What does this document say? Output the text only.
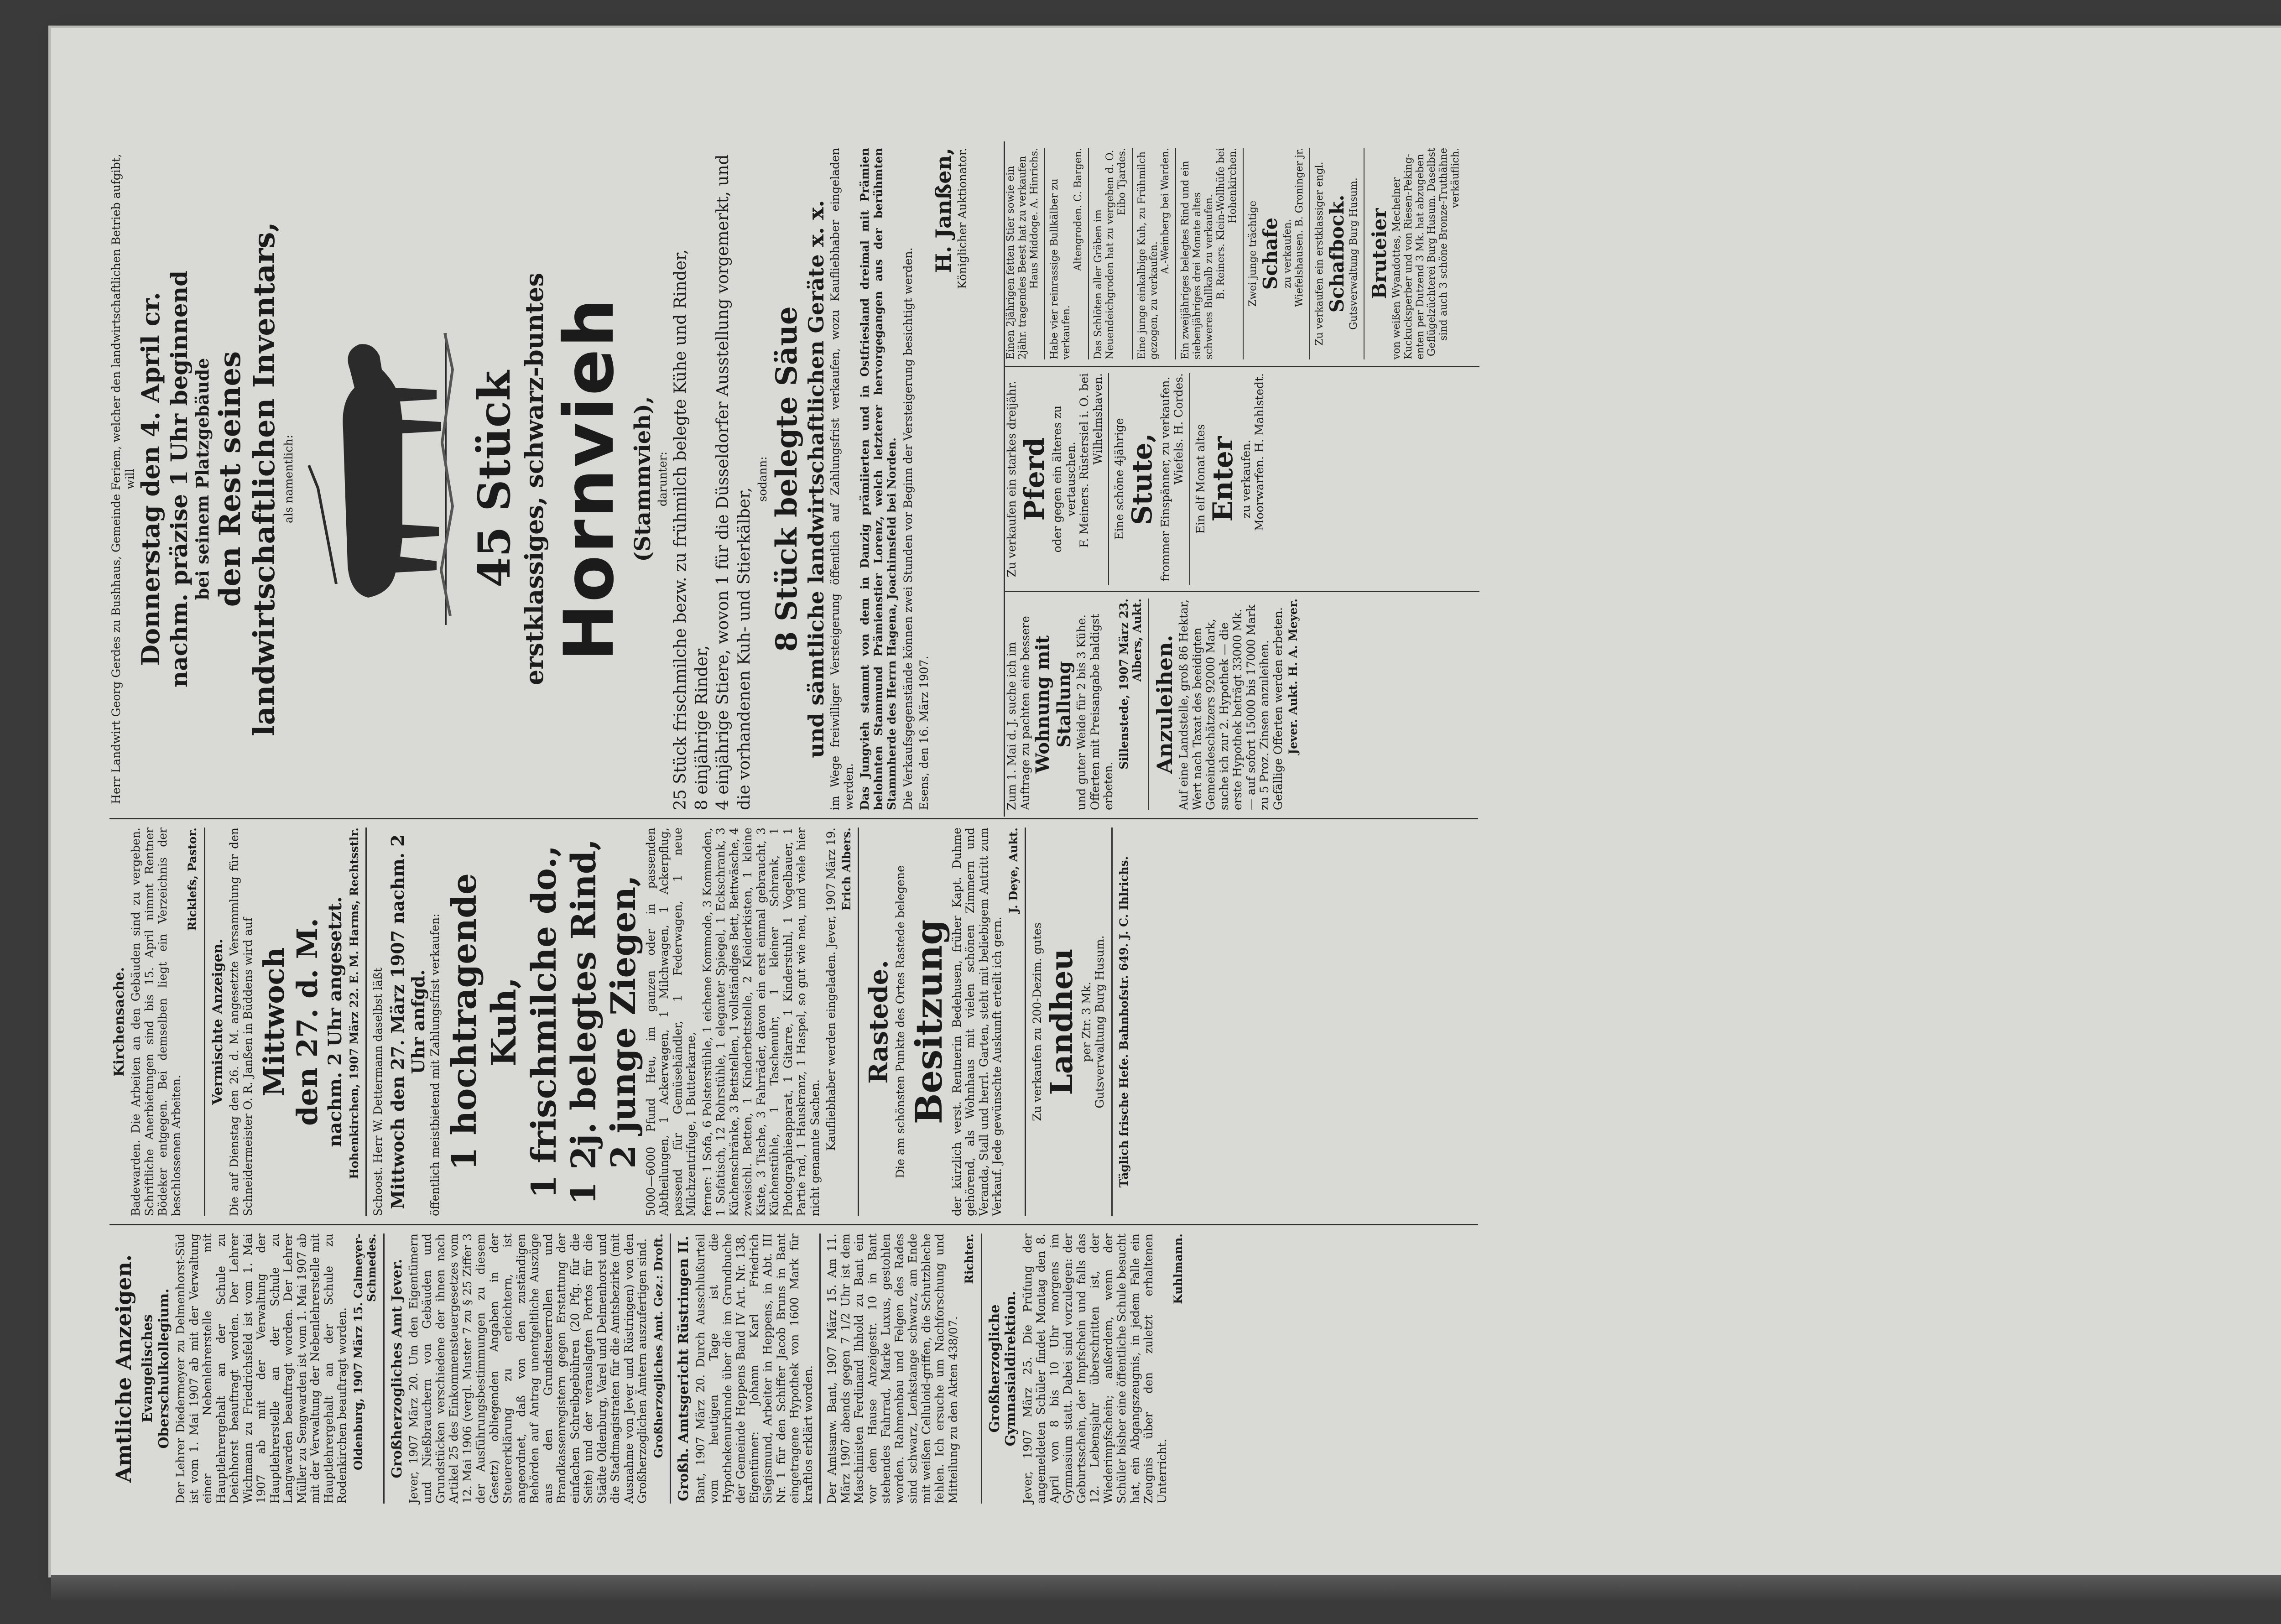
Amtliche Anzeigen. Evangelisches Oberschulkollegium. Der Lehrer Diedermeyer zu Delmenhorst-Süd ist vom 1. Mai 1907 ab mit der Verwaltung einer Nebenlehrerstelle mit Hauptlehrergehalt an der Schule zu Deichhorst beauftragt worden. Der Lehrer Wichmann zu Friedrichsfeld ist vom 1. Mai 1907 ab mit der Verwaltung der Hauptlehrerstelle an der Schule zu Langwarden beauftragt worden. Der Lehrer Müller zu Sengwarden ist vom 1. Mai 1907 ab mit der Verwaltung der Nebenlehrerstelle mit Hauptlehrergehalt an der Schule zu Rodenkirchen beauftragt worden. Oldenburg, 1907 März 15. Calmeyer-Schmedes. Großherzogliches Amt Jever. Jever, 1907 März 20. Um den Eigentümern und Nießbrauchern von Gebäuden und Grundstücken verschiedene der ihnen nach Artikel 25 des Einkommensteuergesetzes vom 12. Mai 1906 (vergl. Muster 7 zu § 25 Ziffer 3 der Ausführungsbestimmungen zu diesem Gesetz) obliegenden Angaben in der Steuererklärung zu erleichtern, ist angeordnet, daß von den zuständigen Behörden auf Antrag unentgeltliche Auszüge aus den Grundsteuerrollen und Brandkassenregistern gegen Erstattung der einfachen Schreibgebühren (20 Pfg. für die Seite) und der verauslagten Portos für die Städte Oldenburg, Varel und Delmenhorst und die Stadtmagistraten für die Amtsbezirke (mit Ausnahme von Jever und Rüstringen) von den Großherzoglichen Ämtern auszufertigen sind. Großherzogliches Amt. Gez.: Droft. Großh. Amtsgericht Rüstringen II. Bant, 1907 März 20. Durch Ausschlußurteil vom heutigen Tage ist die Hypothekenurkunde über die im Grundbuche der Gemeinde Heppens Band IV Art. Nr. 138, Eigentümer: Johann Karl Friedrich Siegismund, Arbeiter in Heppens, in Abt. III Nr. 1 für den Schiffer Jacob Bruns in Bant eingetragene Hypothek von 1600 Mark für kraftlos erklärt worden. Der Amtsanw. Bant, 1907 März 15. Am 11. März 1907 abends gegen 7 1/2 Uhr ist dem Maschinisten Ferdinand Ihhold zu Bant ein vor dem Hause Anzeigestr. 10 in Bant stehendes Fahrrad, Marke Luxus, gestohlen worden. Rahmenbau und Felgen des Rades sind schwarz, Lenkstange schwarz, am Ende mit weißen Celluloid-griffen, die Schutzbleche fehlen. Ich ersuche um Nachforschung und Mitteilung zu den Akten 438/07.

Richter.
Großherzogliche Gymnasialdirektion. Jever, 1907 März 25. Die Prüfung der angemeldeten Schüler findet Montag den 8. April von 8 bis 10 Uhr morgens im Gymnasium statt. Dabei sind vorzulegen: der Geburtsschein, der Impfschein und falls das 12. Lebensjahr überschritten ist, der Wiederimpfschein; außerdem, wenn der Schüler bisher eine öffentliche Schule besucht hat, ein Abgangszeugnis, in jedem Falle ein Zeugnis über den zuletzt erhaltenen Unterricht.

Kuhlmann.
Kirchensache. Badewarden. Die Arbeiten an den Gebäuden sind zu vergeben. Schriftliche Anerbietungen sind bis 15. April nimmt Rentner Bödeker entgegen. Bei demselben liegt ein Verzeichnis der beschlossenen Arbeiten.

Ricklefs, Pastor.
Vermischte Anzeigen. Die auf Dienstag den 26. d. M. angesetzte Versammlung für den Schneidermeister O. R. Janßen in Büddens wird auf Mittwoch den 27. d. M. nachm. 2 Uhr angesetzt. Hohenkirchen, 1907 März 22. E. M. Harms, Rechtsstlr. Schoost. Herr W. Dettermann daselbst läßt Mittwoch den 27. März 1907 nachm. 2 Uhr anfgd. öffentlich meistbietend mit Zahlungsfrist verkaufen: 1 hochtragende Kuh, 1 frischmilche do., 1 2j. belegtes Rind, 2 junge Ziegen, 5000—6000 Pfund Heu, im ganzen oder in passenden Abtheilungen, 1 Ackerwagen, 1 Milchwagen, 1 Ackerpflug, passend für Gemüsehändler, 1 Federwagen, 1 neue Milchzentrifuge, 1 Butterkarne, ferner: 1 Sofa, 6 Polsterstühle, 1 eichene Kommode, 3 Kommoden, 1 Sofatisch, 12 Rohrstühle, 1 eleganter Spiegel, 1 Eckschrank, 3 Küchenschränke, 3 Bettstellen, 1 vollständiges Bett, Bettwäsche, 4 zweischl. Betten, 1 Kinderbettstelle, 2 Kleiderkisten, 1 kleine Kiste, 3 Tische, 3 Fahrräder, davon ein erst einmal gebraucht, 3 Küchenstühle, 1 Taschenuhr, 1 kleiner Schrank, 1 Photographieapparat, 1 Gitarre, 1 Kinderstuhl, 1 Vogelbauer, 1 Partie rad, 1 Hauskranz, 1 Haspel, so gut wie neu, und viele hier nicht genannte Sachen. Kaufliebhaber werden eingeladen. Jever, 1907 März 19. Erich Albers.
Rastede. Die am schönsten Punkte des Ortes Rastede belegene Besitzung der kürzlich verst. Rentnerin Bedehusen, früher Kapt. Duhme gehörend, als Wohnhaus mit vielen schönen Zimmern und Veranda, Stall und herrl. Garten, steht mit beliebigem Antritt zum Verkauf. Jede gewünschte Auskunft erteilt ich gern.

J. Deye, Aukt.
Zu verkaufen zu 200-Dezim. gutes Landheu per Ztr. 3 Mk. Gutsverwaltung Burg Husum. Täglich frische Hefe. Bahnhofstr. 649. J. C. Ihlrichs.
Herr Landwirt Georg Gerdes zu Bushhaus, Gemeinde Feriem, welcher den landwirtschaftlichen Betrieb aufgibt, will Donnerstag den 4. April cr. nachm. präzise 1 Uhr beginnend bei seinem Platzgebäude den Rest seines landwirtschaftlichen Inventars, als namentlich:	45 Stück erstklassiges, schwarz-buntes Hornvieh (Stammvieh), darunter: 25 Stück frischmilche bezw. zu frühmilch belegte Kühe und Rinder, 8 einjährige Rinder, 4 einjährige Stiere, wovon 1 für die Düsseldorfer Ausstellung vorgemerkt, und die vorhandenen Kuh- und Stierkälber,
sodann: 8 Stück belegte Säue und sämtliche landwirtschaftlichen Geräte x. x. im Wege freiwilliger Versteigerung öffentlich auf Zahlungsfrist verkaufen, wozu Kaufliebhaber eingeladen werden. Das Jungvieh stammt von dem in Danzig prämiierten und in Ostfriesland dreimal mit Prämien belohnten Stammund Prämienstier Lorenz, welch letzterer hervorgegangen aus der berühmten Stammherde des Herrn Hagena, Joachimsfeld bei Norden. Die Verkaufsgegenstände können zwei Stunden vor Beginn der Versteigerung besichtigt werden. Esens, den 16. März 1907.
H. Janßen, Königlicher Auktionator.
Zum 1. Mai d. J. suche ich im Auftrage zu pachten eine bessere Wohnung mit Stallung und guter Weide für 2 bis 3 Kühe. Offerten mit Preisangabe baldigst erbeten.
Sillenstede, 1907 März 23. Albers, Aukt. Anzuleihen. Auf eine Landstelle, groß 86 Hektar, Wert nach Taxat des beeidigten Gemeindeschätzers 92000 Mark, suche ich zur 2. Hypothek — die erste Hypothek beträgt 33000 Mk. — auf sofort 15000 bis 17000 Mark zu 5 Proz. Zinsen anzuleihen. Gefällige Offerten werden erbeten. Jever. Aukt. H. A. Meyer.
Zu verkaufen ein starkes dreijähr. Pferd oder gegen ein älteres zu vertauschen. F. Meiners. Rüstersiel i. O. bei Wilhelmshaven. Eine schöne 4jährige Stute, frommer Einspänner, zu verkaufen. Wiefels. H. Cordes. Ein elf Monat altes Enter zu verkaufen. Moorwarfen. H. Mahlstedt.
Einen 2jährigen fetten Stier sowie ein 2jähr. tragendes Beest hat zu verkaufen Haus Middoge. A. Hinrichs. Habe vier reinrassige Bullkälber zu verkaufen.
Altengroden. C. Bargen. Das Schlöten aller Gräben im Neuendeichgroden hat zu vergeben d. O. Eibo Tjardes. Eine junge einkalbige Kuh, zu Frühmilch gezogen, zu verkaufen.
A.-Weinberg bei Warden. Ein zweijähriges belegtes Rind und ein siebenjähriges drei Monate altes schweres Bullkalb zu verkaufen. B. Reiners. Klein-Wollhüfe bei Hohenkirchen.
Zwei junge trächtige Schafe zu verkaufen. Wiefelshausen. B. Groninger jr. Zu verkaufen ein erstklassiger engl. Schafbock. Gutsverwaltung Burg Husum. Bruteier von weißen Wyandottes, Mechelner Kuckucksperber und von Riesen-Peking-enten per Dutzend 3 Mk. hat abzugeben Geflügelzüchterei Burg Husum. Daselbst sind auch 3 schöne Bronze-Truthähne verkäuflich.
